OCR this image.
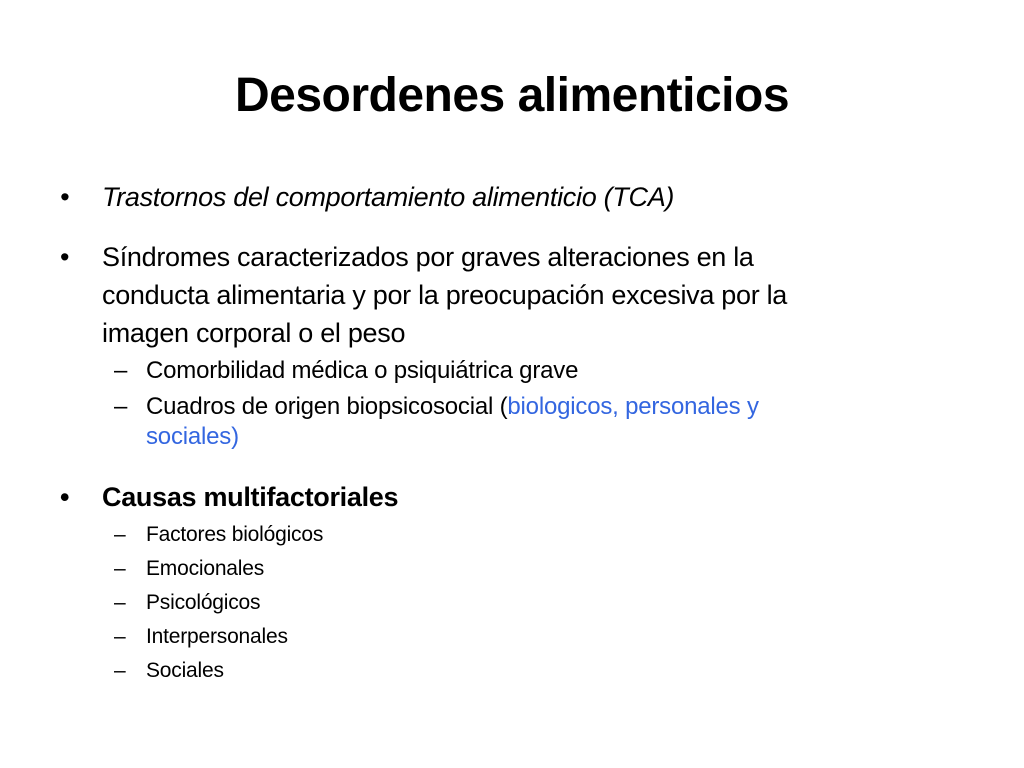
Desordenes alimenticios
•	Trastornos del comportamiento alimenticio (TCA)
•	Síndromes caracterizados por graves alteraciones en la
conducta alimentaria y por la preocupación excesiva por la
imagen corporal o el peso
– Comorbilidad médica o psiquiátrica grave
– Cuadros de origen biopsicosocial (biologicos, personales y
sociales)
•	Causas multifactoriales
– Factores biológicos
– Emocionales
– Psicológicos
– Interpersonales
– Sociales
